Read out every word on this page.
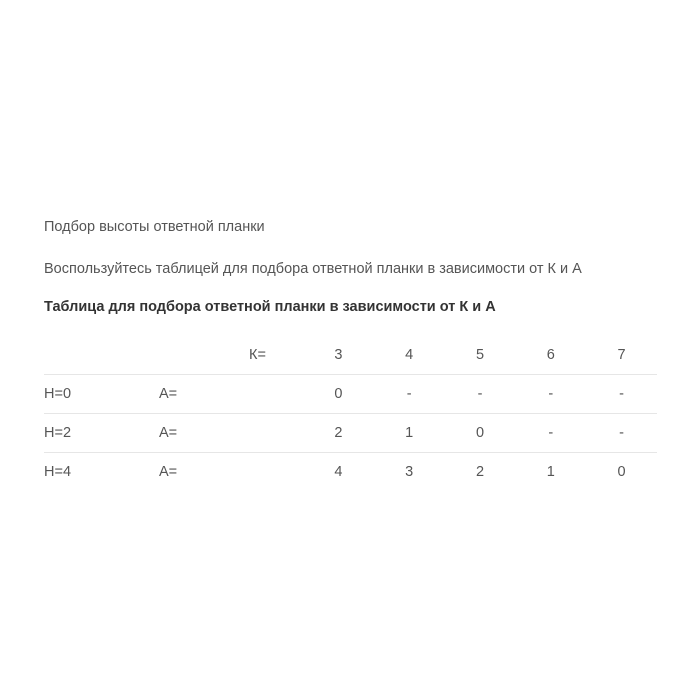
Подбор высоты ответной планки

Воспользуйтесь таблицей для подбора ответной планки в зависимости от К и А

Таблица для подбора ответной планки в зависимости от К и А

		К=	3	4	5	6	7
Н=0	А=		0	-	-	-	-
Н=2	А=		2	1	0	-	-
Н=4	А=		4	3	2	1	0
